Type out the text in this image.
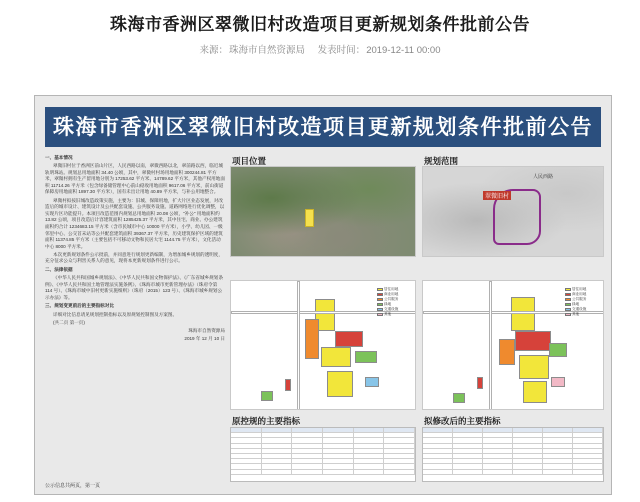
珠海市香洲区翠微旧村改造项目更新规划条件批前公告
来源：珠海市自然资源局 发表时间：2019-12-11 00:00
珠海市香洲区翠微旧村改造项目更新规划条件批前公告

一、基本情况

翠微旧村位于香洲区前山片区，人民西路以南，翠微西路以北，翠前路以西，临近城轨明珠站。规划总用地面积 34.40 公顷，其中，翠微村村场用地面积 300244.81 平方米，翠微村拥有生产留用地分别为 17253.62 平方米、14789.62 平方米，其他产权用地面积 11714.26 平方米（包含绿备储管理中心前山稳收用地面积 9617.06 平方米，前山街道保障房用地面积 1897.30 平方米），国有未出让用地 40.89 平方米，与补公用地整合。

翠微村拟按旧城改造政策实施，主要为：旧城、保障用地，扩大片区业态发展，对改造后的城市设计、建筑设计及公共配套设施、公共服务设施、道路网络进行优化调整，以实现片区功能提升。本项目改造范围内规划总用地面积 20.08 公顷，"补公" 用地面积约 13.82 公顷，项目改造后计容建筑面积 1285425.37 平方米，其中住宅、商业、办公建筑面积约合计 1234683.15 平方米（含市民城市中心 10000 平方米），小学、幼儿园、一级邻里中心、公交首末站等公共配套建筑面积 39367.37 平方米，历史建筑保护区域的建筑面积 11374.85 平方米（主要包括不可移动文物和民居大宅 1144.75 平方米），文化活动中心 8000 平方米。

本次更新规划条件公示批前，并同意进行规划更新编制，为增加城乡规划的透明度，充分征求公众与利害关系人的意见，现将本更新规划条件进行公示。

二、法律依据

《中华人民共和国城乡规划法》、《中华人民共和国文物保护法》、《广东省城乡规划条例》、《中华人民共和国土地管理法实施条例》、《珠海市城市更新管理办法》（珠府令第 114 号）、《珠海市城中旧村更新实施细则》（珠府（2015）123 号）、《珠海市城乡规划公示办法》等。

三、规划变更前后的主要指标对比

详细对比信息请见规划控制指标以及原规划控制图及方案图。

(共二页 第一页)

珠海市自然资源局

2019 年 12 月 10 日

公示信息共两页，第一页
项目位置	规划范围
翠微旧村
人民西路
居住用地
商业用地
公共服务
绿地
交通设施
其他
居住用地
商业用地
公共服务
绿地
交通设施
其他
原控规的主要指标	拟修改后的主要指标
